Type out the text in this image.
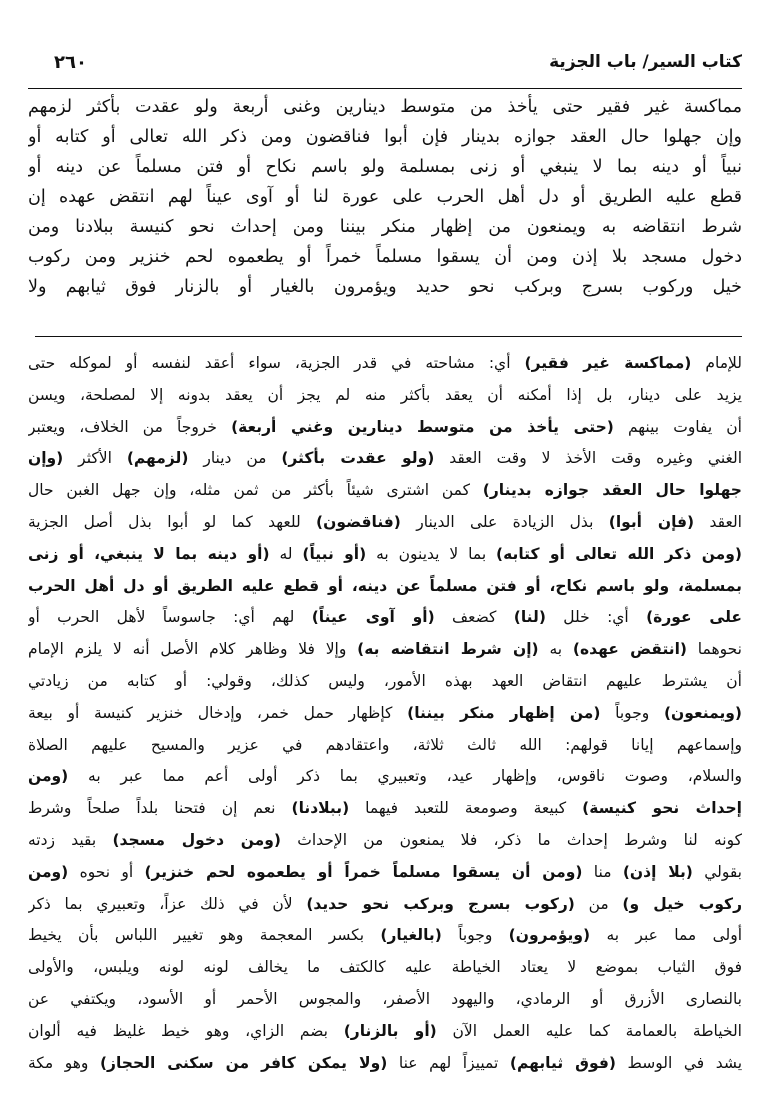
كتاب السير/ باب الجزية
٢٦٠
مماكسة غير فقير حتى يأخذ من متوسط دينارين وغنى أربعة ولو عقدت بأكثر لزمهم
وإن جهلوا حال العقد جوازه بدينار فإن أبوا فناقضون ومن ذكر الله تعالى أو كتابه أو
نبياً أو دينه بما لا ينبغي أو زنى بمسلمة ولو باسم نكاح أو فتن مسلماً عن دينه أو
قطع عليه الطريق أو دل أهل الحرب على عورة لنا أو آوى عيناً لهم انتقض عهده إن
شرط انتقاضه به ويمنعون من إظهار منكر بيننا ومن إحداث نحو كنيسة ببلادنا ومن
دخول مسجد بلا إذن ومن أن يسقوا مسلماً خمراً أو يطعموه لحم خنزير ومن ركوب
خيل وركوب بسرج وبركب نحو حديد ويؤمرون بالغيار أو بالزنار فوق ثيابهم ولا
للإمام (مماكسة غير فقير) أي: مشاحته في قدر الجزية، سواء أعقد لنفسه أو لموكله حتى
يزيد على دينار، بل إذا أمكنه أن يعقد بأكثر منه لم يجز أن يعقد بدونه إلا لمصلحة، ويسن
أن يفاوت بينهم (حتى يأخذ من متوسط دينارين وغني أربعة) خروجاً من الخلاف، ويعتبر
الغني وغيره وقت الأخذ لا وقت العقد (ولو عقدت بأكثر) من دينار (لزمهم) الأكثر (وإن
جهلوا حال العقد جوازه بدينار) كمن اشترى شيئاً بأكثر من ثمن مثله، وإن جهل الغبن حال
العقد (فإن أبوا) بذل الزيادة على الدينار (فناقضون) للعهد كما لو أبوا بذل أصل الجزية
(ومن ذكر الله تعالى أو كتابه) بما لا يدينون به (أو نبياً) له (أو دينه بما لا ينبغي، أو زنى
بمسلمة، ولو باسم نكاح، أو فتن مسلماً عن دينه، أو قطع عليه الطريق أو دل أهل الحرب
على عورة) أي: خلل (لنا) كضعف (أو آوى عيناً) لهم أي: جاسوساً لأهل الحرب أو
نحوهما (انتقض عهده) به (إن شرط انتقاضه به) وإلا فلا وظاهر كلام الأصل أنه لا يلزم الإمام
أن يشترط عليهم انتقاض العهد بهذه الأمور، وليس كذلك، وقولي: أو كتابه من زيادتي
(ويمنعون) وجوباً (من إظهار منكر بيننا) كإظهار حمل خمر، وإدخال خنزير كنيسة أو بيعة
وإسماعهم إيانا قولهم: الله ثالث ثلاثة، واعتقادهم في عزير والمسيح عليهم الصلاة
والسلام، وصوت ناقوس، وإظهار عيد، وتعبيري بما ذكر أولى أعم مما عبر به (ومن
إحداث نحو كنيسة) كبيعة وصومعة للتعبد فيهما (ببلادنا) نعم إن فتحنا بلداً صلحاً وشرط
كونه لنا وشرط إحداث ما ذكر، فلا يمنعون من الإحداث (ومن دخول مسجد) بقيد زدته
بقولي (بلا إذن) منا (ومن أن يسقوا مسلماً خمراً أو يطعموه لحم خنزير) أو نحوه (ومن
ركوب خيل و) من (ركوب بسرج وبركب نحو حديد) لأن في ذلك عزاً، وتعبيري بما ذكر
أولى مما عبر به (ويؤمرون) وجوباً (بالغيار) بكسر المعجمة وهو تغيير اللباس بأن يخيط
فوق الثياب بموضع لا يعتاد الخياطة عليه كالكتف ما يخالف لونه لونه ويلبس، والأولى
بالنصارى الأزرق أو الرمادي، واليهود الأصفر، والمجوس الأحمر أو الأسود، ويكتفي عن
الخياطة بالعمامة كما عليه العمل الآن (أو بالزنار) بضم الزاي، وهو خيط غليظ فيه ألوان
يشد في الوسط (فوق ثيابهم) تمييزاً لهم عنا (ولا يمكن كافر من سكنى الحجاز) وهو مكة
